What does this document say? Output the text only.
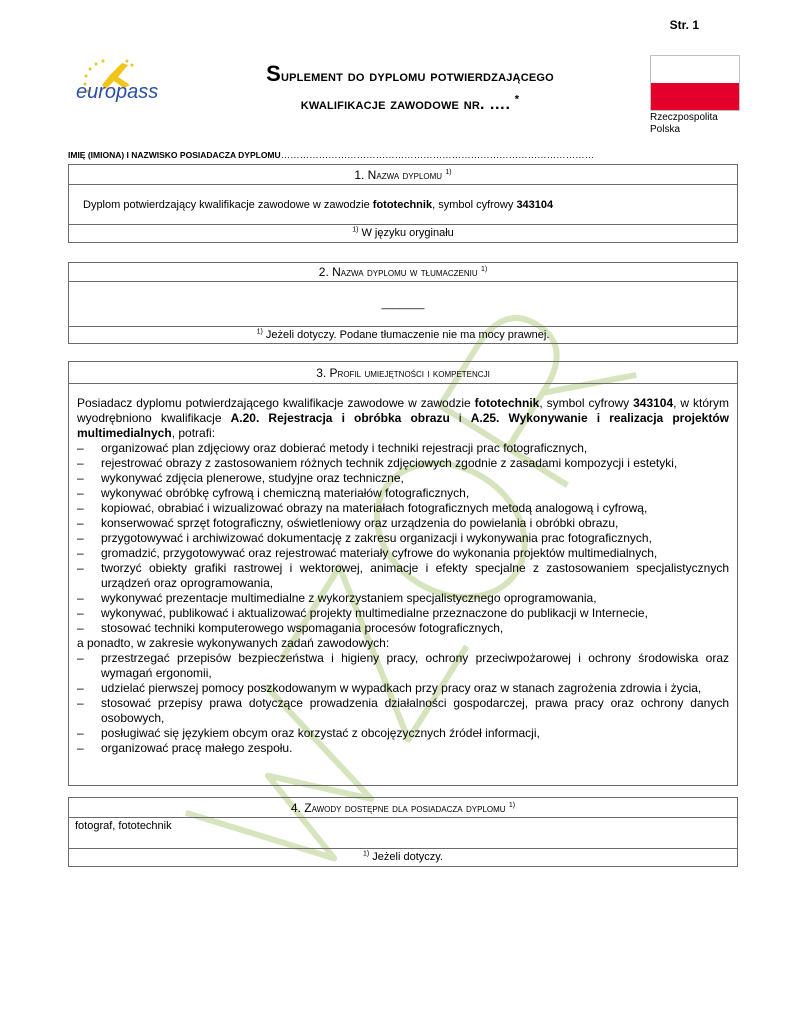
Str. 1
europass
Suplement do dyplomu potwierdzającego
kwalifikacje zawodowe nr. …. *
Rzeczpospolita
Polska
IMIĘ (IMIONA) I NAZWISKO POSIADACZA DYPLOMU………………………………………………………………………………………
1. Nazwa dyplomu $^{1)}$
Dyplom potwierdzający kwalifikacje zawodowe w zawodzie fototechnik, symbol cyfrowy 343104
$^{1)}$ W języku oryginału
2. Nazwa dyplomu w tłumaczeniu $^{1)}$
_______
$^{1)}$ Jeżeli dotyczy. Podane tłumaczenie nie ma mocy prawnej.
3. Profil umiejętności i kompetencji

Posiadacz dyplomu potwierdzającego kwalifikacje zawodowe w zawodzie fototechnik, symbol cyfrowy 343104, w którym wyodrębniono kwalifikacje A.20. Rejestracja i obróbka obrazu i A.25. Wykonywanie i realizacja projektów multimedialnych, potrafi:

– organizować plan zdjęciowy oraz dobierać metody i techniki rejestracji prac fotograficznych,
– rejestrować obrazy z zastosowaniem różnych technik zdjęciowych zgodnie z zasadami kompozycji i estetyki,
– wykonywać zdjęcia plenerowe, studyjne oraz techniczne,
– wykonywać obróbkę cyfrową i chemiczną materiałów fotograficznych,
– kopiować, obrabiać i wizualizować obrazy na materiałach fotograficznych metodą analogową i cyfrową,
– konserwować sprzęt fotograficzny, oświetleniowy oraz urządzenia do powielania i obróbki obrazu,
– przygotowywać i archiwizować dokumentację z zakresu organizacji i wykonywania prac fotograficznych,
– gromadzić, przygotowywać oraz rejestrować materiały cyfrowe do wykonania projektów multimedialnych,
– tworzyć obiekty grafiki rastrowej i wektorowej, animacje i efekty specjalne z zastosowaniem specjalistycznych urządzeń oraz oprogramowania,
– wykonywać prezentacje multimedialne z wykorzystaniem specjalistycznego oprogramowania,
– wykonywać, publikować i aktualizować projekty multimedialne przeznaczone do publikacji w Internecie,
– stosować techniki komputerowego wspomagania procesów fotograficznych,

a ponadto, w zakresie wykonywanych zadań zawodowych:

– przestrzegać przepisów bezpieczeństwa i higieny pracy, ochrony przeciwpożarowej i ochrony środowiska oraz wymagań ergonomii,
– udzielać pierwszej pomocy poszkodowanym w wypadkach przy pracy oraz w stanach zagrożenia zdrowia i życia,
– stosować przepisy prawa dotyczące prowadzenia działalności gospodarczej, prawa pracy oraz ochrony danych osobowych,
– posługiwać się językiem obcym oraz korzystać z obcojęzycznych źródeł informacji,
– organizować pracę małego zespołu.
4. Zawody dostępne dla posiadacza dyplomu $^{1)}$
fotograf, fototechnik
$^{1)}$ Jeżeli dotyczy.
